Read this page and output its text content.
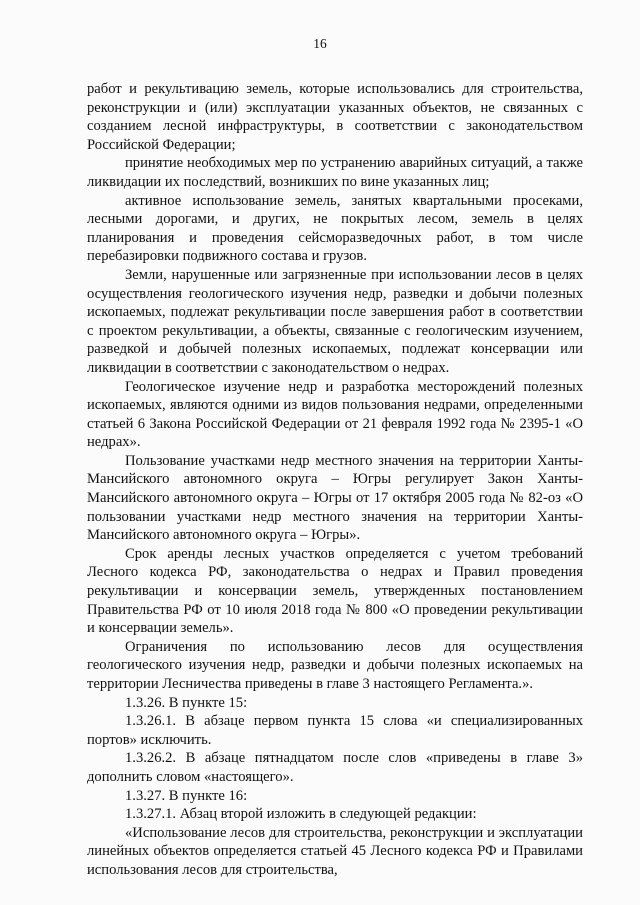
16

работ и рекультивацию земель, которые использовались для строительства, реконструкции и (или) эксплуатации указанных объектов, не связанных с созданием лесной инфраструктуры, в соответствии с законодательством Российской Федерации;

принятие необходимых мер по устранению аварийных ситуаций, а также ликвидации их последствий, возникших по вине указанных лиц;

активное использование земель, занятых квартальными просеками, лесными дорогами, и других, не покрытых лесом, земель в целях планирования и проведения сейсморазведочных работ, в том числе перебазировки подвижного состава и грузов.

Земли, нарушенные или загрязненные при использовании лесов в целях осуществления геологического изучения недр, разведки и добычи полезных ископаемых, подлежат рекультивации после завершения работ в соответствии с проектом рекультивации, а объекты, связанные с геологическим изучением, разведкой и добычей полезных ископаемых, подлежат консервации или ликвидации в соответствии с законодательством о недрах.

Геологическое изучение недр и разработка месторождений полезных ископаемых, являются одними из видов пользования недрами, определенными статьей 6 Закона Российской Федерации от 21 февраля 1992 года № 2395-1 «О недрах».

Пользование участками недр местного значения на территории Ханты-Мансийского автономного округа – Югры регулирует Закон Ханты-Мансийского автономного округа – Югры от 17 октября 2005 года № 82-оз «О пользовании участками недр местного значения на территории Ханты-Мансийского автономного округа – Югры».

Срок аренды лесных участков определяется с учетом требований Лесного кодекса РФ, законодательства о недрах и Правил проведения рекультивации и консервации земель, утвержденных постановлением Правительства РФ от 10 июля 2018 года № 800 «О проведении рекультивации и консервации земель».

Ограничения по использованию лесов для осуществления геологического изучения недр, разведки и добычи полезных ископаемых на территории Лесничества приведены в главе 3 настоящего Регламента.».

1.3.26. В пункте 15:

1.3.26.1. В абзаце первом пункта 15 слова «и специализированных портов» исключить.

1.3.26.2. В абзаце пятнадцатом после слов «приведены в главе 3» дополнить словом «настоящего».

1.3.27. В пункте 16:

1.3.27.1. Абзац второй изложить в следующей редакции:

«Использование лесов для строительства, реконструкции и эксплуатации линейных объектов определяется статьей 45 Лесного кодекса РФ и Правилами использования лесов для строительства,
